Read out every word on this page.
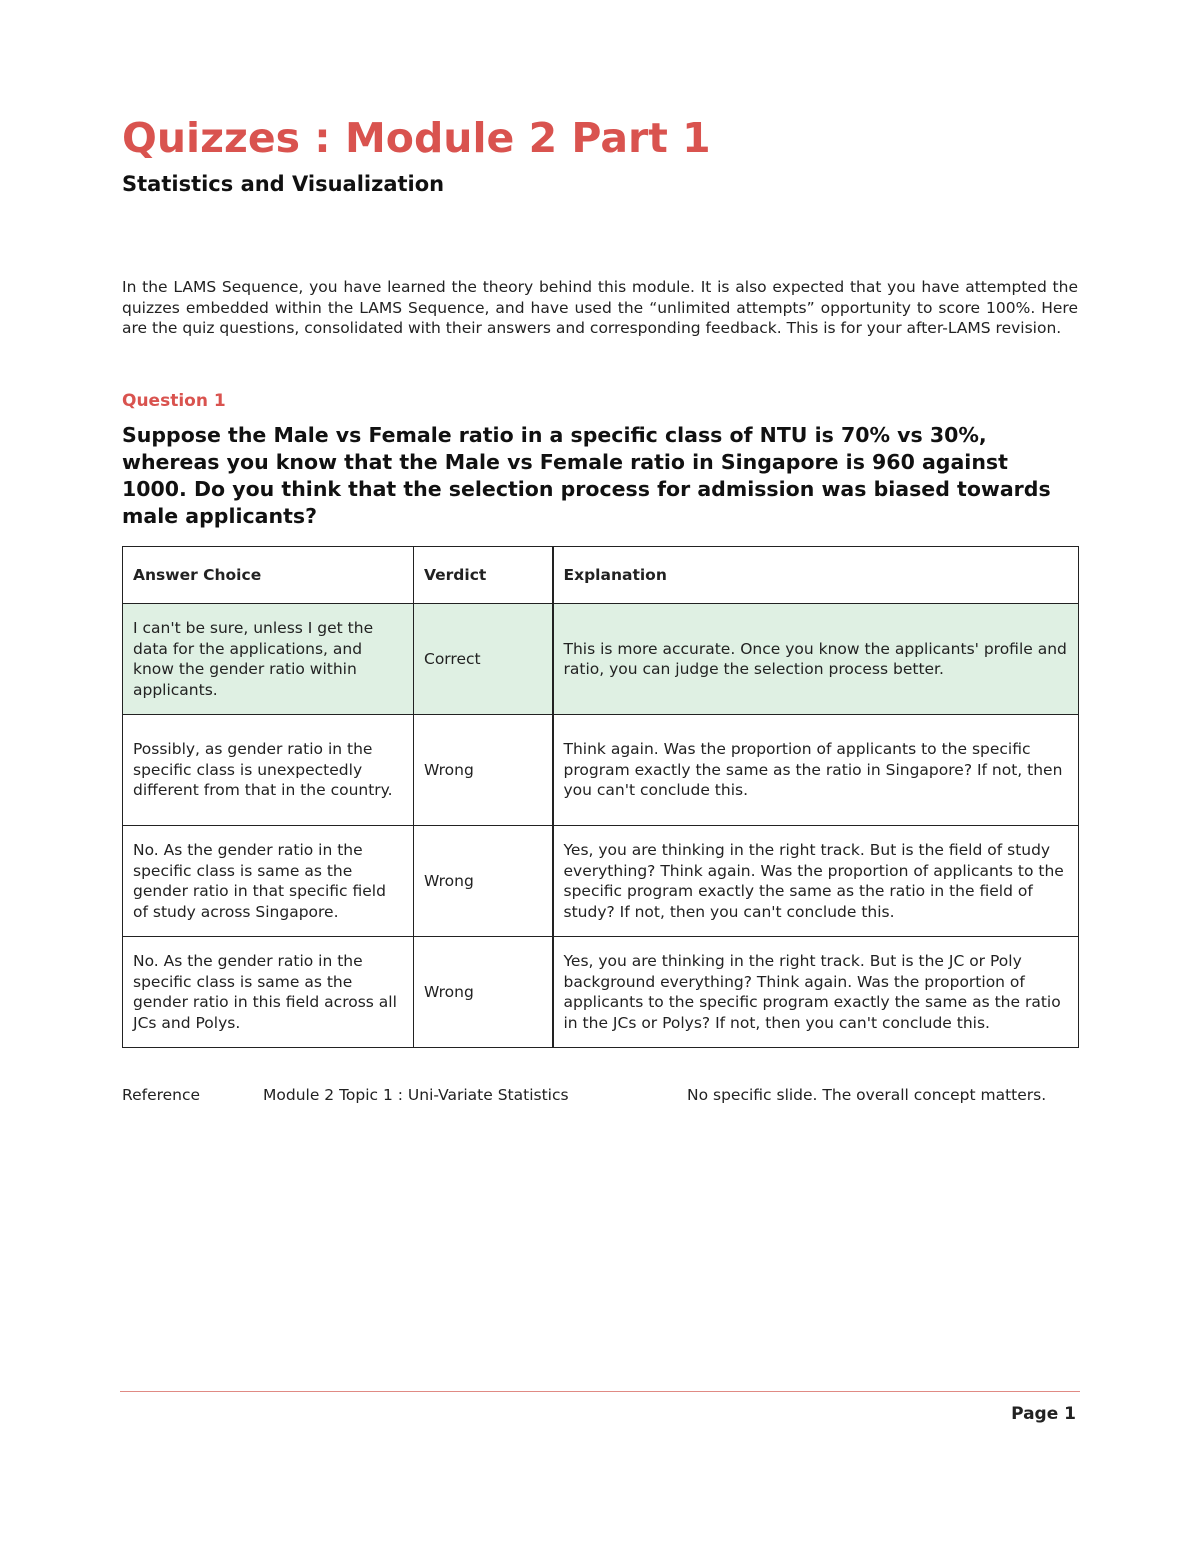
Quizzes : Module 2 Part 1
Statistics and Visualization

In the LAMS Sequence, you have learned the theory behind this module. It is also expected that you have attempted the quizzes embedded within the LAMS Sequence, and have used the “unlimited attempts” opportunity to score 100%. Here are the quiz questions, consolidated with their answers and corresponding feedback. This is for your after-LAMS revision.

Question 1

Suppose the Male vs Female ratio in a specific class of NTU is 70% vs 30%, whereas you know that the Male vs Female ratio in Singapore is 960 against 1000. Do you think that the selection process for admission was biased towards male applicants?

Answer Choice	Verdict	Explanation
I can't be sure, unless I get the data for the applications, and know the gender ratio within applicants.	Correct	This is more accurate. Once you know the applicants' profile and ratio, you can judge the selection process better.
Possibly, as gender ratio in the specific class is unexpectedly different from that in the country.	Wrong	Think again. Was the proportion of applicants to the specific program exactly the same as the ratio in Singapore? If not, then you can't conclude this.
No. As the gender ratio in the specific class is same as the gender ratio in that specific field of study across Singapore.	Wrong	Yes, you are thinking in the right track. But is the field of study everything? Think again. Was the proportion of applicants to the specific program exactly the same as the ratio in the field of study? If not, then you can't conclude this.
No. As the gender ratio in the specific class is same as the gender ratio in this field across all JCs and Polys.	Wrong	Yes, you are thinking in the right track. But is the JC or Poly background everything? Think again. Was the proportion of applicants to the specific program exactly the same as the ratio in the JCs or Polys? If not, then you can't conclude this.
Reference	Module 2 Topic 1 : Uni-Variate Statistics	No specific slide. The overall concept matters.
Page 1
